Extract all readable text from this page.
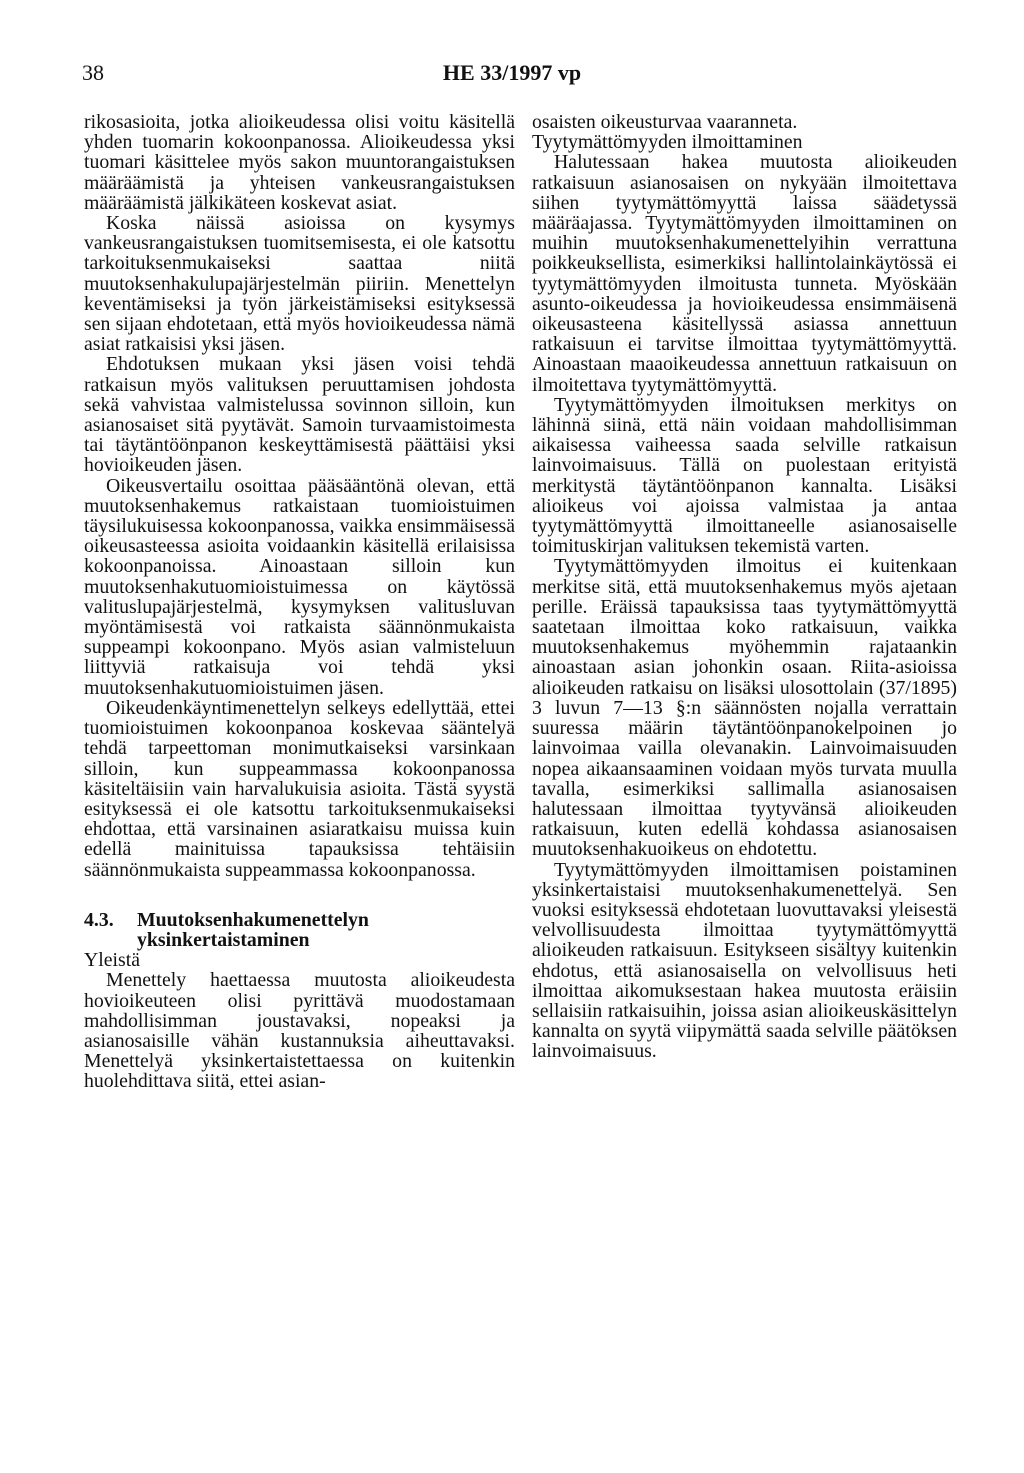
38	HE 33/1997 vp

rikosasioita, jotka alioikeudessa olisi voitu käsitellä yhden tuomarin kokoonpanossa. Alioikeudessa yksi tuomari käsittelee myös sakon muuntorangaistuksen määräämistä ja yhteisen vankeusrangaistuksen määräämistä jälkikäteen koskevat asiat.

Koska näissä asioissa on kysymys vankeusrangaistuksen tuomitsemisesta, ei ole katsottu tarkoituksenmukaiseksi saattaa niitä muutoksenhakulupajärjestelmän piiriin. Menettelyn keventämiseksi ja työn järkeistämiseksi esityksessä sen sijaan ehdotetaan, että myös hovioikeudessa nämä asiat ratkaisisi yksi jäsen.

Ehdotuksen mukaan yksi jäsen voisi tehdä ratkaisun myös valituksen peruuttamisen johdosta sekä vahvistaa valmistelussa sovinnon silloin, kun asianosaiset sitä pyytävät. Samoin turvaamistoimesta tai täytäntöönpanon keskeyttämisestä päättäisi yksi hovioikeuden jäsen.

Oikeusvertailu osoittaa pääsääntönä olevan, että muutoksenhakemus ratkaistaan tuomioistuimen täysilukuisessa kokoonpanossa, vaikka ensimmäisessä oikeusasteessa asioita voidaankin käsitellä erilaisissa kokoonpanoissa. Ainoastaan silloin kun muutoksenhakutuomioistuimessa on käytössä valituslupajärjestelmä, kysymyksen valitusluvan myöntämisestä voi ratkaista säännönmukaista suppeampi kokoonpano. Myös asian valmisteluun liittyviä ratkaisuja voi tehdä yksi muutoksenhakutuomioistuimen jäsen.

Oikeudenkäyntimenettelyn selkeys edellyttää, ettei tuomioistuimen kokoonpanoa koskevaa sääntelyä tehdä tarpeettoman monimutkaiseksi varsinkaan silloin, kun suppeammassa kokoonpanossa käsiteltäisiin vain harvalukuisia asioita. Tästä syystä esityksessä ei ole katsottu tarkoituksenmukaiseksi ehdottaa, että varsinainen asiaratkaisu muissa kuin edellä mainituissa tapauksissa tehtäisiin säännönmukaista suppeammassa kokoonpanossa.

4.3.	Muutoksenhakumenettelyn
yksinkertaistaminen

Yleistä

Menettely haettaessa muutosta alioikeudesta hovioikeuteen olisi pyrittävä muodostamaan mahdollisimman joustavaksi, nopeaksi ja asianosaisille vähän kustannuksia aiheuttavaksi. Menettelyä yksinkertaistettaessa on kuitenkin huolehdittava siitä, ettei asian-

osaisten oikeusturvaa vaaranneta.

Tyytymättömyyden ilmoittaminen

Halutessaan hakea muutosta alioikeuden ratkaisuun asianosaisen on nykyään ilmoitettava siihen tyytymättömyyttä laissa säädetyssä määräajassa. Tyytymättömyyden ilmoittaminen on muihin muutoksenhakumenettelyihin verrattuna poikkeuksellista, esimerkiksi hallintolainkäytössä ei tyytymättömyyden ilmoitusta tunneta. Myöskään asunto-oikeudessa ja hovioikeudessa ensimmäisenä oikeusasteena käsitellyssä asiassa annettuun ratkaisuun ei tarvitse ilmoittaa tyytymättömyyttä. Ainoastaan maaoikeudessa annettuun ratkaisuun on ilmoitettava tyytymättömyyttä.

Tyytymättömyyden ilmoituksen merkitys on lähinnä siinä, että näin voidaan mahdollisimman aikaisessa vaiheessa saada selville ratkaisun lainvoimaisuus. Tällä on puolestaan erityistä merkitystä täytäntöönpanon kannalta. Lisäksi alioikeus voi ajoissa valmistaa ja antaa tyytymättömyyttä ilmoittaneelle asianosaiselle toimituskirjan valituksen tekemistä varten.

Tyytymättömyyden ilmoitus ei kuitenkaan merkitse sitä, että muutoksenhakemus myös ajetaan perille. Eräissä tapauksissa taas tyytymättömyyttä saatetaan ilmoittaa koko ratkaisuun, vaikka muutoksenhakemus myöhemmin rajataankin ainoastaan asian johonkin osaan. Riita-asioissa alioikeuden ratkaisu on lisäksi ulosottolain (37/1895) 3 luvun 7—13 §:n säännösten nojalla verrattain suuressa määrin täytäntöönpanokelpoinen jo lainvoimaa vailla olevanakin. Lainvoimaisuuden nopea aikaansaaminen voidaan myös turvata muulla tavalla, esimerkiksi sallimalla asianosaisen halutessaan ilmoittaa tyytyvänsä alioikeuden ratkaisuun, kuten edellä kohdassa asianosaisen muutoksenhakuoikeus on ehdotettu.

Tyytymättömyyden ilmoittamisen poistaminen yksinkertaistaisi muutoksenhakumenettelyä. Sen vuoksi esityksessä ehdotetaan luovuttavaksi yleisestä velvollisuudesta ilmoittaa tyytymättömyyttä alioikeuden ratkaisuun. Esitykseen sisältyy kuitenkin ehdotus, että asianosaisella on velvollisuus heti ilmoittaa aikomuksestaan hakea muutosta eräisiin sellaisiin ratkaisuihin, joissa asian alioikeuskäsittelyn kannalta on syytä viipymättä saada selville päätöksen lainvoimaisuus.
